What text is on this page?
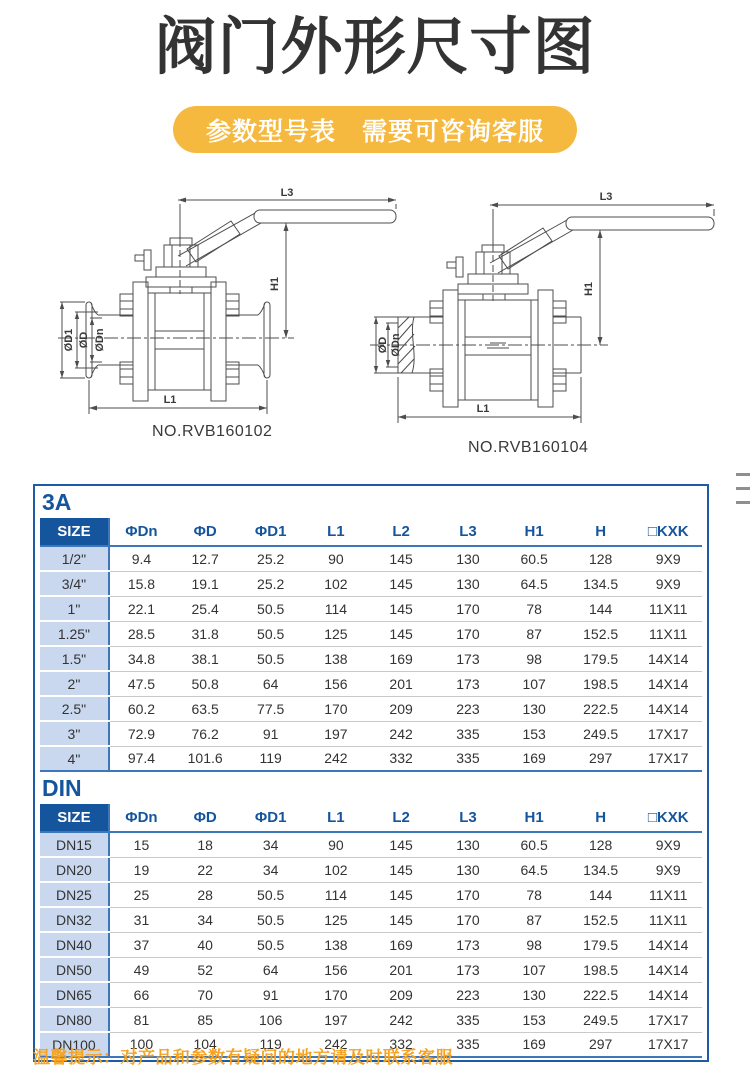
阀门外形尺寸图
参数型号表 需要可咨询客服
L3
H1
L1
ØD1 ØD ØDn
L3
H1
L1
ØD ØDn
NO.RVB160102
NO.RVB160104
3A
SIZE	ΦDn	ΦD	ΦD1	L1	L2	L3	H1	H	□KXK
1/2"	9.4	12.7	25.2	90	145	130	60.5	128	9X9
3/4"	15.8	19.1	25.2	102	145	130	64.5	134.5	9X9
1"	22.1	25.4	50.5	114	145	170	78	144	11X11
1.25"	28.5	31.8	50.5	125	145	170	87	152.5	11X11
1.5"	34.8	38.1	50.5	138	169	173	98	179.5	14X14
2"	47.5	50.8	64	156	201	173	107	198.5	14X14
2.5"	60.2	63.5	77.5	170	209	223	130	222.5	14X14
3"	72.9	76.2	91	197	242	335	153	249.5	17X17
4"	97.4	101.6	119	242	332	335	169	297	17X17
DIN
SIZE	ΦDn	ΦD	ΦD1	L1	L2	L3	H1	H	□KXK
DN15	15	18	34	90	145	130	60.5	128	9X9
DN20	19	22	34	102	145	130	64.5	134.5	9X9
DN25	25	28	50.5	114	145	170	78	144	11X11
DN32	31	34	50.5	125	145	170	87	152.5	11X11
DN40	37	40	50.5	138	169	173	98	179.5	14X14
DN50	49	52	64	156	201	173	107	198.5	14X14
DN65	66	70	91	170	209	223	130	222.5	14X14
DN80	81	85	106	197	242	335	153	249.5	17X17
DN100	100	104	119	242	332	335	169	297	17X17
温馨提示：对产品和参数有疑问的地方请及时联系客服
